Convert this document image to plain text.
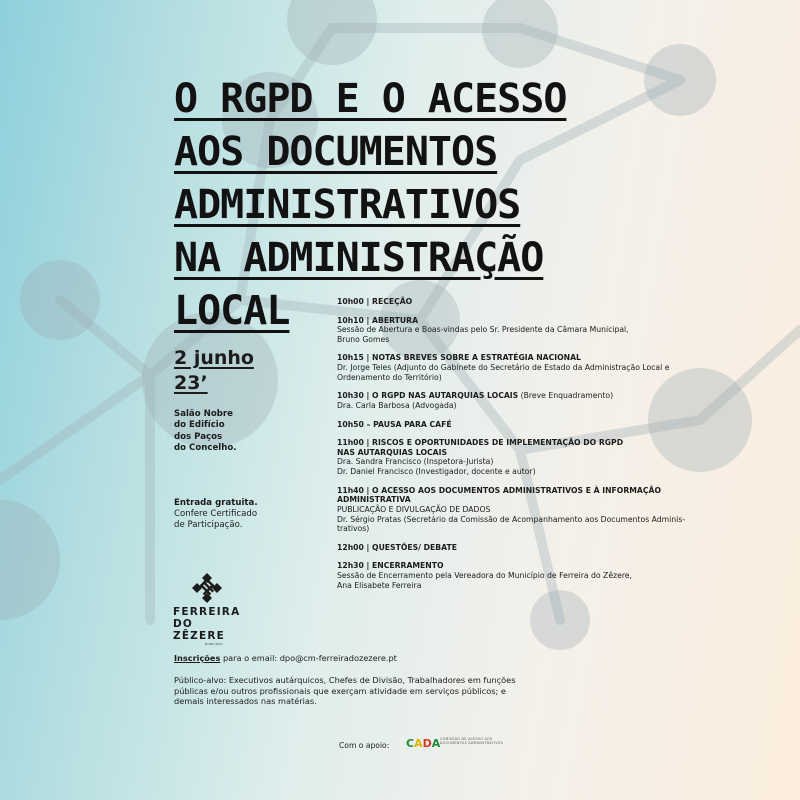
O RGPD E O ACESSO
AOS DOCUMENTOS
ADMINISTRATIVOS
NA ADMINISTRAÇÃO
LOCAL
2 junho
23’
Salão Nobre
do Edifício
dos Paços
do Concelho.
Entrada gratuita.
Confere Certificado
de Participação.
FERREIRA
DO ZÊZERE
MUNICÍPIO
10h00 | RECEÇÃO
10h10 | ABERTURA
Sessão de Abertura e Boas-vindas pelo Sr. Presidente da Câmara Municipal,
Bruno Gomes
10h15 | NOTAS BREVES SOBRE A ESTRATÉGIA NACIONAL
Dr. Jorge Teles (Adjunto do Gabinete do Secretário de Estado da Administração Local e
Ordenamento do Território)
10h30 | O RGPD NAS AUTARQUIAS LOCAIS (Breve Enquadramento)
Dra. Carla Barbosa (Advogada)
10h50 – PAUSA PARA CAFÉ
11h00 | RISCOS E OPORTUNIDADES DE IMPLEMENTAÇÃO DO RGPD
NAS AUTARQUIAS LOCAIS
Dra. Sandra Francisco (Inspetora-Jurista)
Dr. Daniel Francisco (Investigador, docente e autor)
11h40 | O ACESSO AOS DOCUMENTOS ADMINISTRATIVOS E À INFORMAÇÃO
ADMINISTRATIVA
PUBLICAÇÃO E DIVULGAÇÃO DE DADOS
Dr. Sérgio Pratas (Secretário da Comissão de Acompanhamento aos Documentos Adminis-
trativos)
12h00 | QUESTÕES/ DEBATE
12h30 | ENCERRAMENTO
Sessão de Encerramento pela Vereadora do Município de Ferreira do Zêzere,
Ana Elisabete Ferreira
Inscrições para o email: dpo@cm-ferreiradozezere.pt
Público-alvo: Executivos autárquicos, Chefes de Divisão, Trabalhadores em funções
públicas e/ou outros profissionais que exerçam atividade em serviços públicos; e
demais interessados nas matérias.
Com o apoio: CADA COMISSÃO DE ACESSO AOS
DOCUMENTOS ADMINISTRATIVOS
